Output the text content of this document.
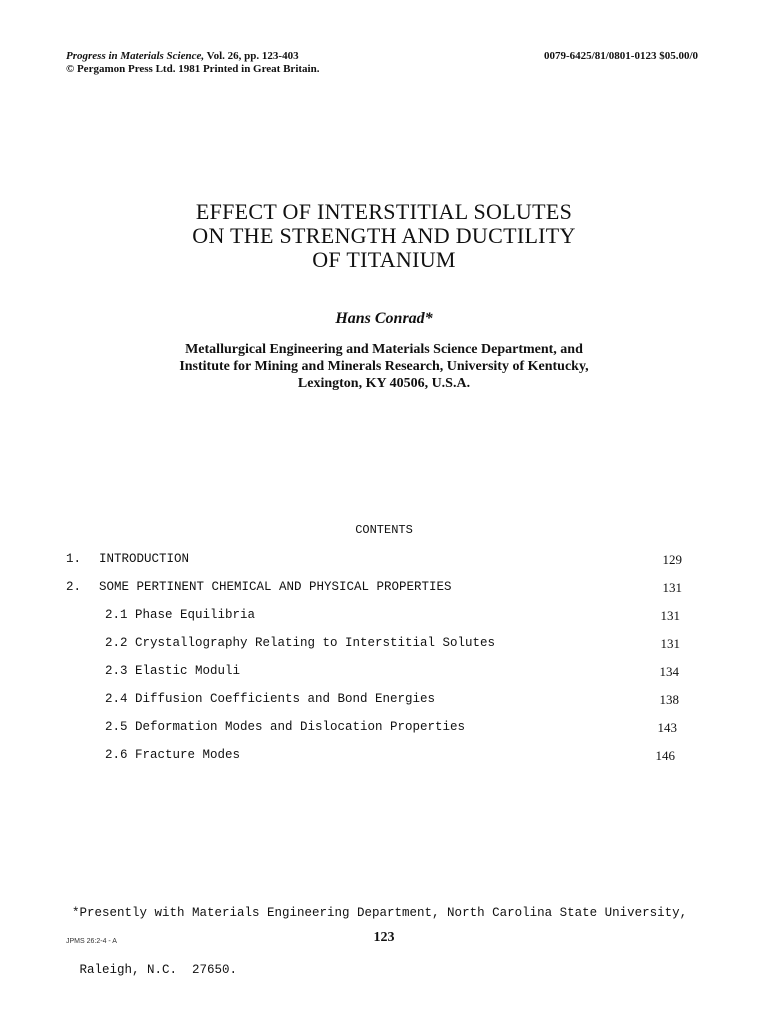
Progress in Materials Science, Vol. 26, pp. 123-403
© Pergamon Press Ltd. 1981 Printed in Great Britain.
0079-6425/81/0801-0123 $05.00/0
EFFECT OF INTERSTITIAL SOLUTES
ON THE STRENGTH AND DUCTILITY
OF TITANIUM
Hans Conrad*
Metallurgical Engineering and Materials Science Department, and
Institute for Mining and Minerals Research, University of Kentucky,
Lexington, KY 40506, U.S.A.
CONTENTS
1. INTRODUCTION	129
2. SOME PERTINENT CHEMICAL AND PHYSICAL PROPERTIES	131
2.1 Phase Equilibria	131
2.2 Crystallography Relating to Interstitial Solutes	131
2.3 Elastic Moduli	134
2.4 Diffusion Coefficients and Bond Energies	138
2.5 Deformation Modes and Dislocation Properties	143
2.6 Fracture Modes	146

*Presently with Materials Engineering Department, North Carolina State University,

Raleigh, N.C.  27650.

JPMS 26:2-4 - A	123
